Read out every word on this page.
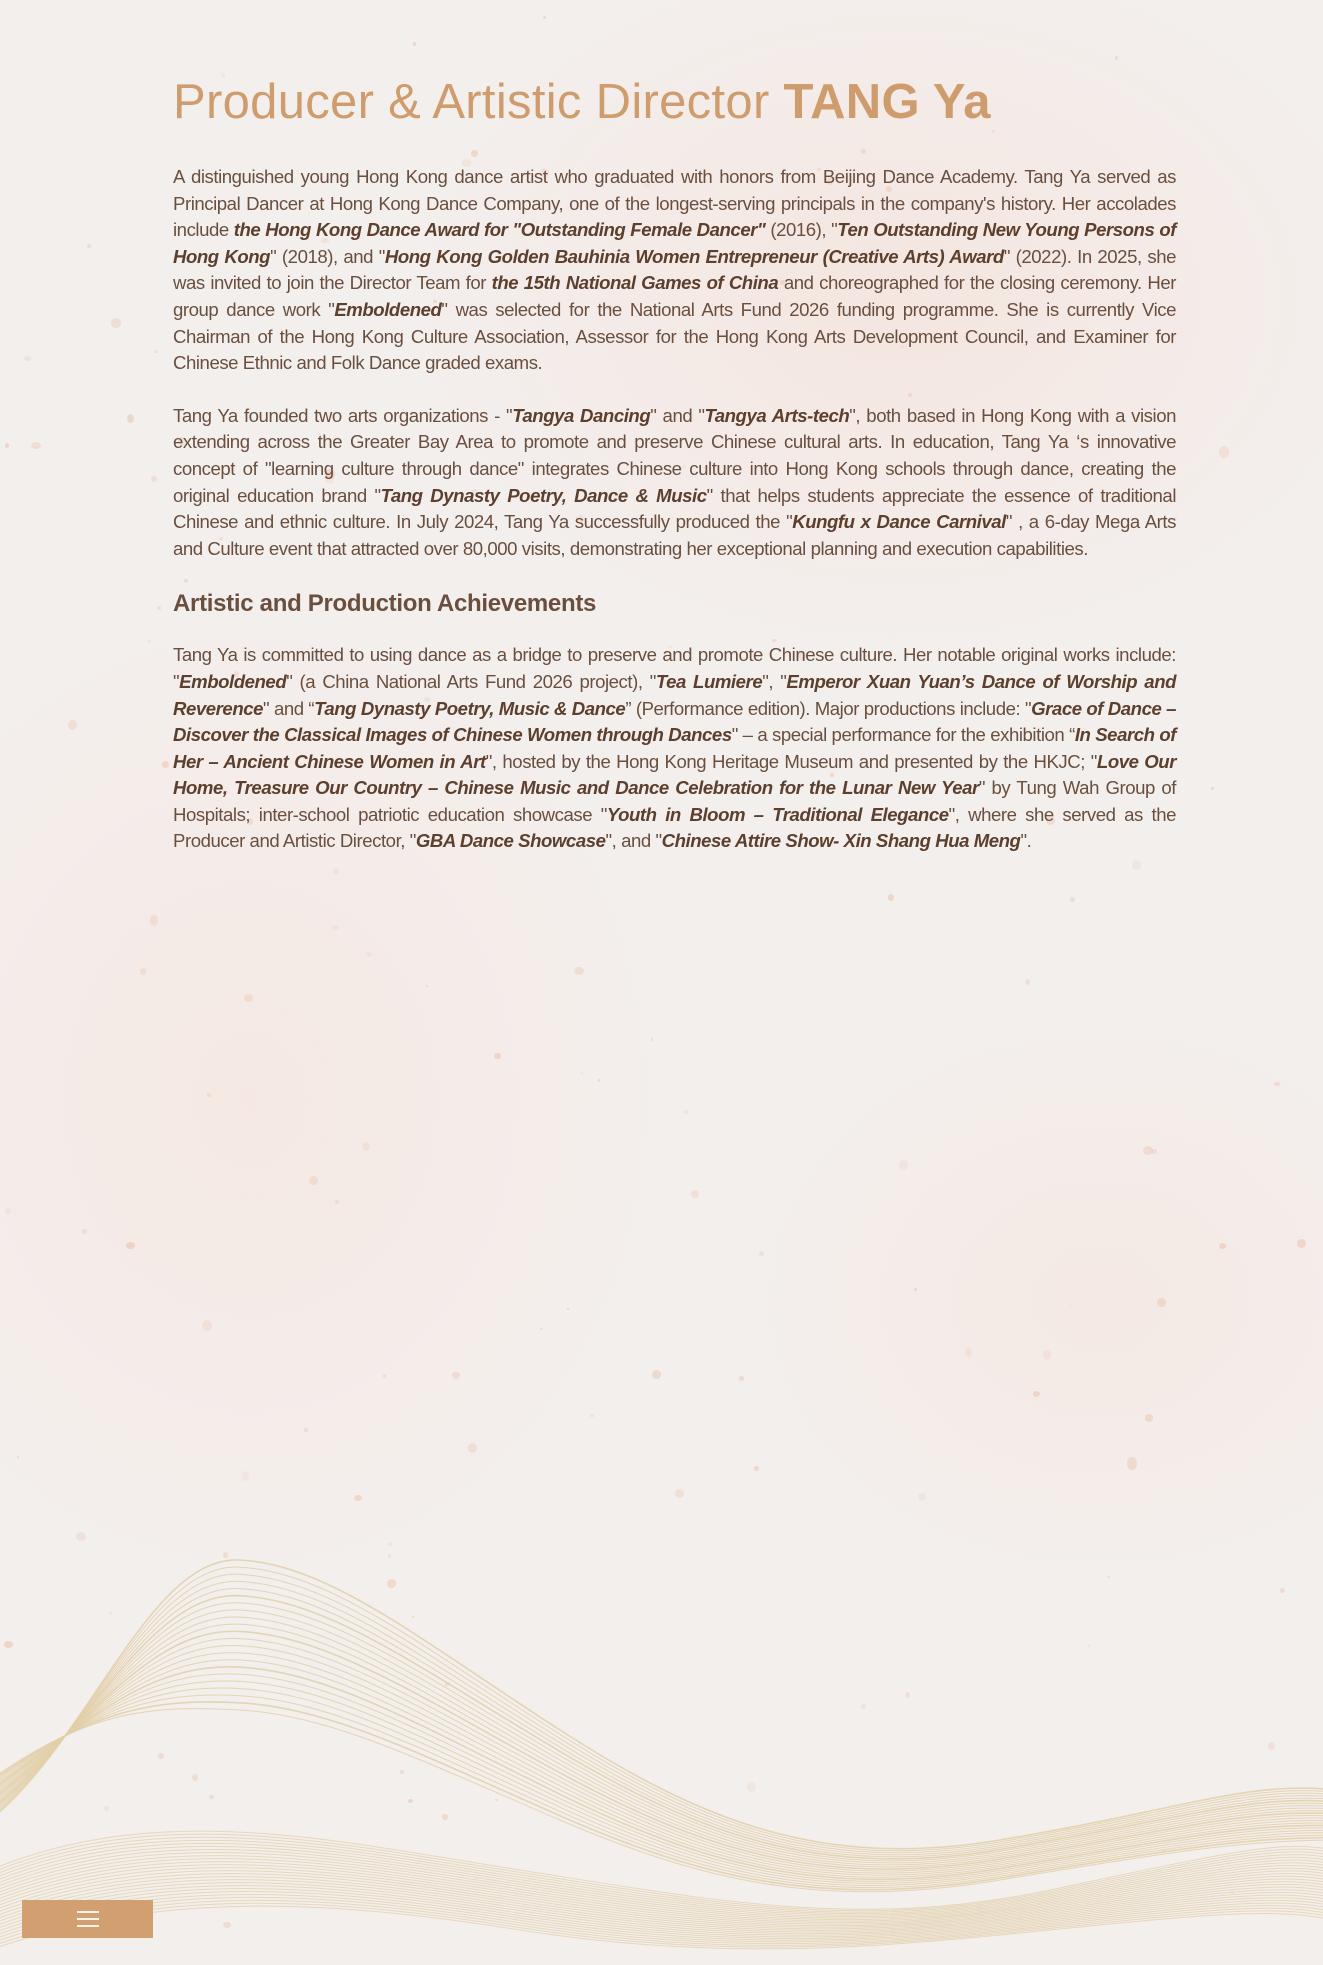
Producer & Artistic Director TANG Ya

A distinguished young Hong Kong dance artist who graduated with honors from Beijing Dance Academy. Tang Ya served as Principal Dancer at Hong Kong Dance Company, one of the longest-serving principals in the company's history. Her accolades include the Hong Kong Dance Award for "Outstanding Female Dancer" (2016), "Ten Outstanding New Young Persons of Hong Kong" (2018), and "Hong Kong Golden Bauhinia Women Entrepreneur (Creative Arts) Award" (2022). In 2025, she was invited to join the Director Team for the 15th National Games of China and choreographed for the closing ceremony. Her group dance work "Emboldened" was selected for the National Arts Fund 2026 funding programme. She is currently Vice Chairman of the Hong Kong Culture Association, Assessor for the Hong Kong Arts Development Council, and Examiner for Chinese Ethnic and Folk Dance graded exams.

Tang Ya founded two arts organizations - "Tangya Dancing" and "Tangya Arts-tech", both based in Hong Kong with a vision extending across the Greater Bay Area to promote and preserve Chinese cultural arts. In education, Tang Ya ‘s innovative concept of "learning culture through dance" integrates Chinese culture into Hong Kong schools through dance, creating the original education brand "Tang Dynasty Poetry, Dance & Music" that helps students appreciate the essence of traditional Chinese and ethnic culture. In July 2024, Tang Ya successfully produced the "Kungfu x Dance Carnival" , a 6-day Mega Arts and Culture event that attracted over 80,000 visits, demonstrating her exceptional planning and execution capabilities.

Artistic and Production Achievements

Tang Ya is committed to using dance as a bridge to preserve and promote Chinese culture. Her notable original works include: "Emboldened" (a China National Arts Fund 2026 project), "Tea Lumiere", "Emperor Xuan Yuan’s Dance of Worship and Reverence" and “Tang Dynasty Poetry, Music & Dance” (Performance edition). Major productions include: "Grace of Dance – Discover the Classical Images of Chinese Women through Dances" – a special performance for the exhibition “In Search of Her – Ancient Chinese Women in Art", hosted by the Hong Kong Heritage Museum and presented by the HKJC; "Love Our Home, Treasure Our Country – Chinese Music and Dance Celebration for the Lunar New Year" by Tung Wah Group of Hospitals; inter-school patriotic education showcase "Youth in Bloom – Traditional Elegance", where she served as the Producer and Artistic Director, "GBA Dance Showcase", and "Chinese Attire Show- Xin Shang Hua Meng".
